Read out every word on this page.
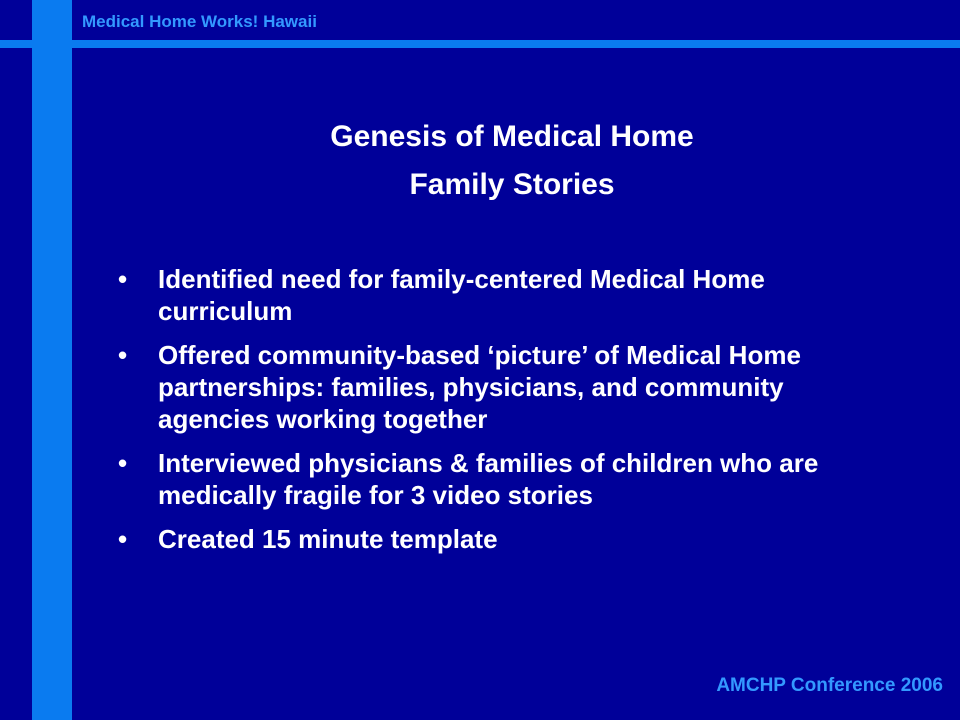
Medical Home Works! Hawaii
Genesis of Medical Home
Family Stories
• Identified need for family-centered Medical Home curriculum
• Offered community-based ‘picture’ of Medical Home partnerships: families, physicians, and community agencies working together
• Interviewed physicians & families of children who are medically fragile for 3 video stories
• Created 15 minute template
AMCHP Conference 2006
